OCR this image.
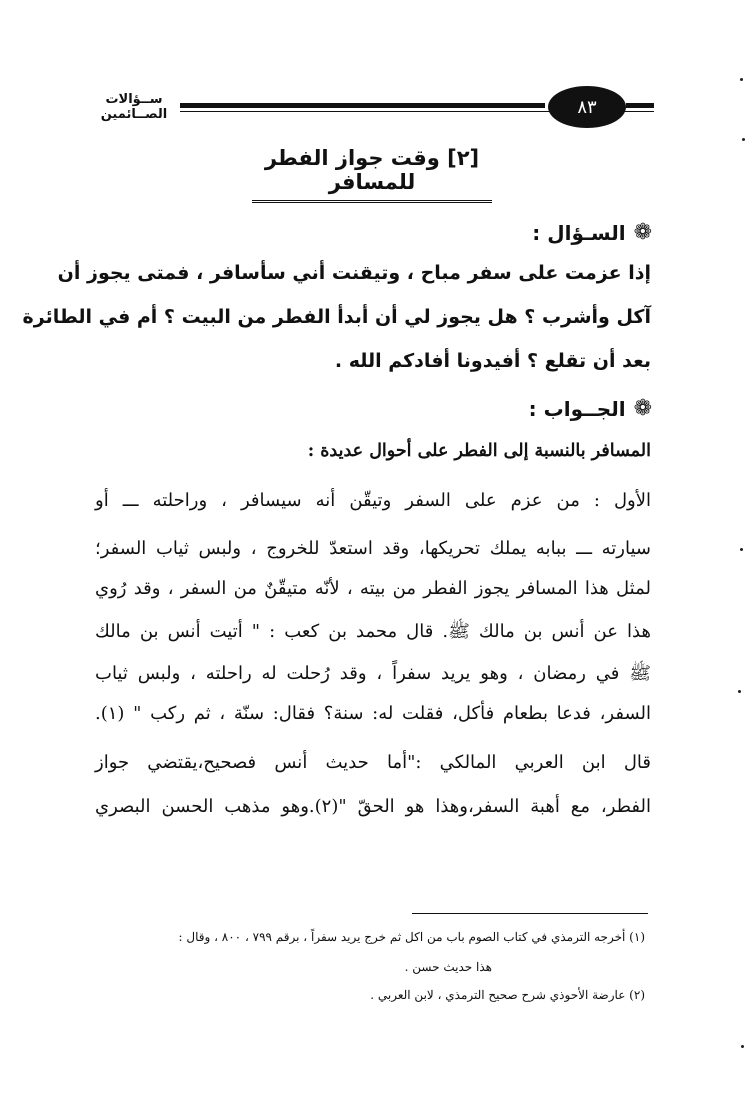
٨٣
ســؤالات الصــائمين
[٢] وقت جواز الفطر للمسافر
❁
السـؤال :
إذا عزمت على سفر مباح ، وتيقنت أني سأسافر ، فمتى يجوز أن
آكل وأشرب ؟ هل يجوز لي أن أبدأ الفطر من البيت ؟ أم في الطائرة
بعد أن تقلع ؟ أفيدونا أفادكم الله .
❁
الجــواب :
المسافر بالنسبة إلى الفطر على أحوال عديدة :
الأول : من عزم على السفر وتيقّن أنه سيسافر ، وراحلته ـــ أو
سيارته ـــ ببابه يملك تحريكها، وقد استعدّ للخروج ، ولبس ثياب السفر؛
لمثل هذا المسافر يجوز الفطر من بيته ، لأنّه متيقّنٌ من السفر ، وقد رُوي
هذا عن أنس بن مالك ﷺ. قال محمد بن كعب : " أتيت أنس بن مالك
ﷺ في رمضان ، وهو يريد سفراً ، وقد رُحلت له راحلته ، ولبس ثياب
السفر، فدعا بطعام فأكل، فقلت له: سنة؟ فقال: سنّة ، ثم ركب " (١).
قال ابن العربي المالكي :"أما حديث أنس فصحيح،يقتضي جواز
الفطر، مع أهبة السفر،وهذا هو الحقّ "(٢).وهو مذهب الحسن البصري
(١) أخرجه الترمذي في كتاب الصوم باب من اكل ثم خرج يريد سفراً ، برقم ٧٩٩ ، ٨٠٠ ، وقال :
هذا حديث حسن .
(٢) عارضة الأحوذي شرح صحيح الترمذي ، لابن العربي .
